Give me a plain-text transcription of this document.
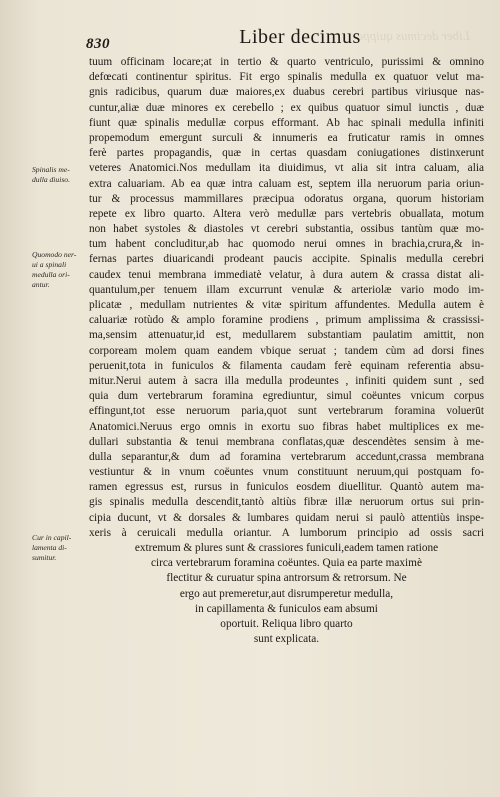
Liber decimus quippe
830	Liber decimus
Spinalis me-
dulla diuiso.
Quomodo ner-
ui a spinali
medulla ori-
antur.
Cur in capil-
lamenta di-
sumitur.
tuum officinam locare;at in tertio & quarto ventriculo, purissimi & omnino
defœcati continentur spiritus. Fit ergo spinalis medulla ex quatuor velut ma-
gnis radicibus, quarum duæ maiores,ex duabus cerebri partibus viriusque nas-
cuntur,aliæ duæ minores ex cerebello ; ex quibus quatuor simul iunctis , duæ
fiunt quæ spinalis medullæ corpus efformant. Ab hac spinali medulla infiniti
propemodum emergunt surculi & innumeris ea fruticatur ramis in omnes
ferè partes propagandis, quæ in certas quasdam coniugationes distinxerunt
veteres Anatomici.Nos medullam ita diuidimus, vt alia sit intra caluam, alia
extra caluariam. Ab ea quæ intra caluam est, septem illa neruorum paria oriun-
tur & processus mammillares præcipua odoratus organa, quorum historiam
repete ex libro quarto. Altera verò medullæ pars vertebris obuallata, motum
non habet systoles & diastoles vt cerebri substantia, ossibus tantùm quæ mo-
tum habent concluditur,ab hac quomodo nerui omnes in brachia,crura,& in-
fernas partes diuaricandi prodeant paucis accipite. Spinalis medulla cerebri
caudex tenui membrana immediatè velatur, à dura autem & crassa distat ali-
quantulum,per tenuem illam excurrunt venulæ & arteriolæ vario modo im-
plicatæ , medullam nutrientes & vitæ spiritum affundentes. Medulla autem è
caluariæ rotùdo & amplo foramine prodiens , primum amplissima & crassissi-
ma,sensim attenuatur,id est, medullarem substantiam paulatim amittit, non
corpoream molem quam eandem vbique seruat ; tandem cùm ad dorsi fines
peruenit,tota in funiculos & filamenta caudam ferè equinam referentia absu-
mitur.Nerui autem à sacra illa medulla prodeuntes , infiniti quidem sunt , sed
quia dum vertebrarum foramina egrediuntur, simul coëuntes vnicum corpus
effingunt,tot esse neruorum paria,quot sunt vertebrarum foramina voluerūt
Anatomici.Neruus ergo omnis in exortu suo fibras habet multiplices ex me-
dullari substantia & tenui membrana conflatas,quæ descendètes sensim à me-
dulla separantur,& dum ad foramina vertebrarum accedunt,crassa membrana
vestiuntur & in vnum coëuntes vnum constituunt neruum,qui postquam fo-
ramen egressus est, rursus in funiculos eosdem diuellitur. Quantò autem ma-
gis spinalis medulla descendit,tantò altiùs fibræ illæ neruorum ortus sui prin-
cipia ducunt, vt & dorsales & lumbares quidam nerui si paulò attentiùs inspe-
xeris à ceruicali medulla oriantur. A lumborum principio ad ossis sacri
extremum & plures sunt & crassiores funiculi,eadem tamen ratione
circa vertebrarum foramina coëuntes. Quia ea parte maximè
flectitur & curuatur spina antrorsum & retrorsum. Ne
ergo aut premeretur,aut disrumperetur medulla,
in capillamenta & funiculos eam absumi
oportuit. Reliqua libro quarto
sunt explicata.
